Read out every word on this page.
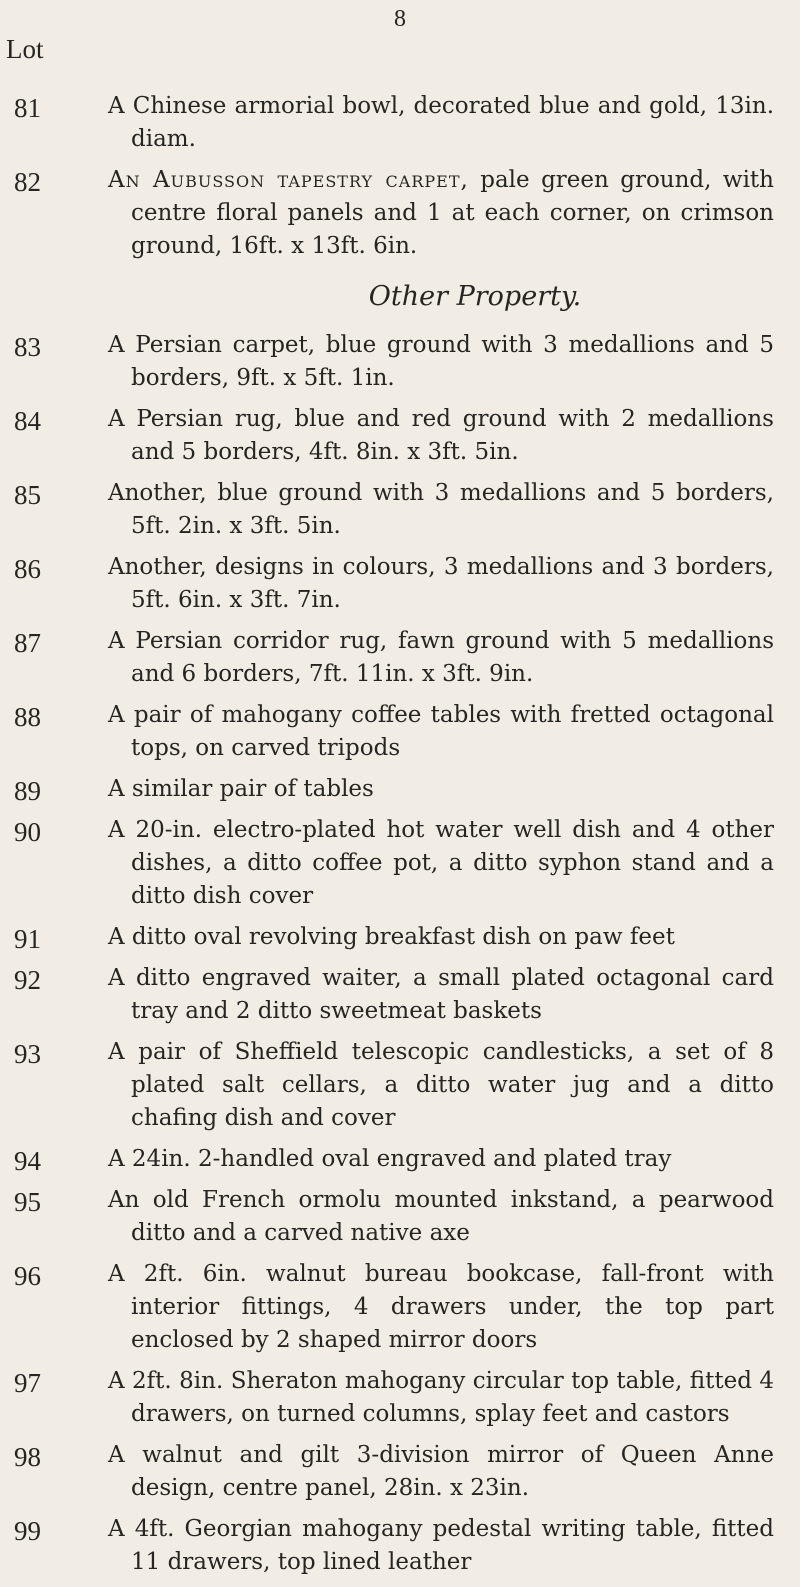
8
Lot
81	A Chinese armorial bowl, decorated blue and gold, 13in. diam.
82	An Aubusson tapestry carpet, pale green ground, with centre floral panels and 1 at each corner, on crimson ground, 16ft. x 13ft. 6in.
Other Property.
83	A Persian carpet, blue ground with 3 medallions and 5 borders, 9ft. x 5ft. 1in.
84	A Persian rug, blue and red ground with 2 medallions and 5 borders, 4ft. 8in. x 3ft. 5in.
85	Another, blue ground with 3 medallions and 5 borders, 5ft. 2in. x 3ft. 5in.
86	Another, designs in colours, 3 medallions and 3 borders, 5ft. 6in. x 3ft. 7in.
87	A Persian corridor rug, fawn ground with 5 medallions and 6 borders, 7ft. 11in. x 3ft. 9in.
88	A pair of mahogany coffee tables with fretted octagonal tops, on carved tripods
89	A similar pair of tables
90	A 20-in. electro-plated hot water well dish and 4 other dishes, a ditto coffee pot, a ditto syphon stand and a ditto dish cover
91	A ditto oval revolving breakfast dish on paw feet
92	A ditto engraved waiter, a small plated octagonal card tray and 2 ditto sweetmeat baskets
93	A pair of Sheffield telescopic candlesticks, a set of 8 plated salt cellars, a ditto water jug and a ditto chafing dish and cover
94	A 24in. 2-handled oval engraved and plated tray
95	An old French ormolu mounted inkstand, a pearwood ditto and a carved native axe
96	A 2ft. 6in. walnut bureau bookcase, fall-front with interior fittings, 4 drawers under, the top part enclosed by 2 shaped mirror doors
97	A 2ft. 8in. Sheraton mahogany circular top table, fitted 4 drawers, on turned columns, splay feet and castors
98	A walnut and gilt 3-division mirror of Queen Anne design, centre panel, 28in. x 23in.
99	A 4ft. Georgian mahogany pedestal writing table, fitted 11 drawers, top lined leather
